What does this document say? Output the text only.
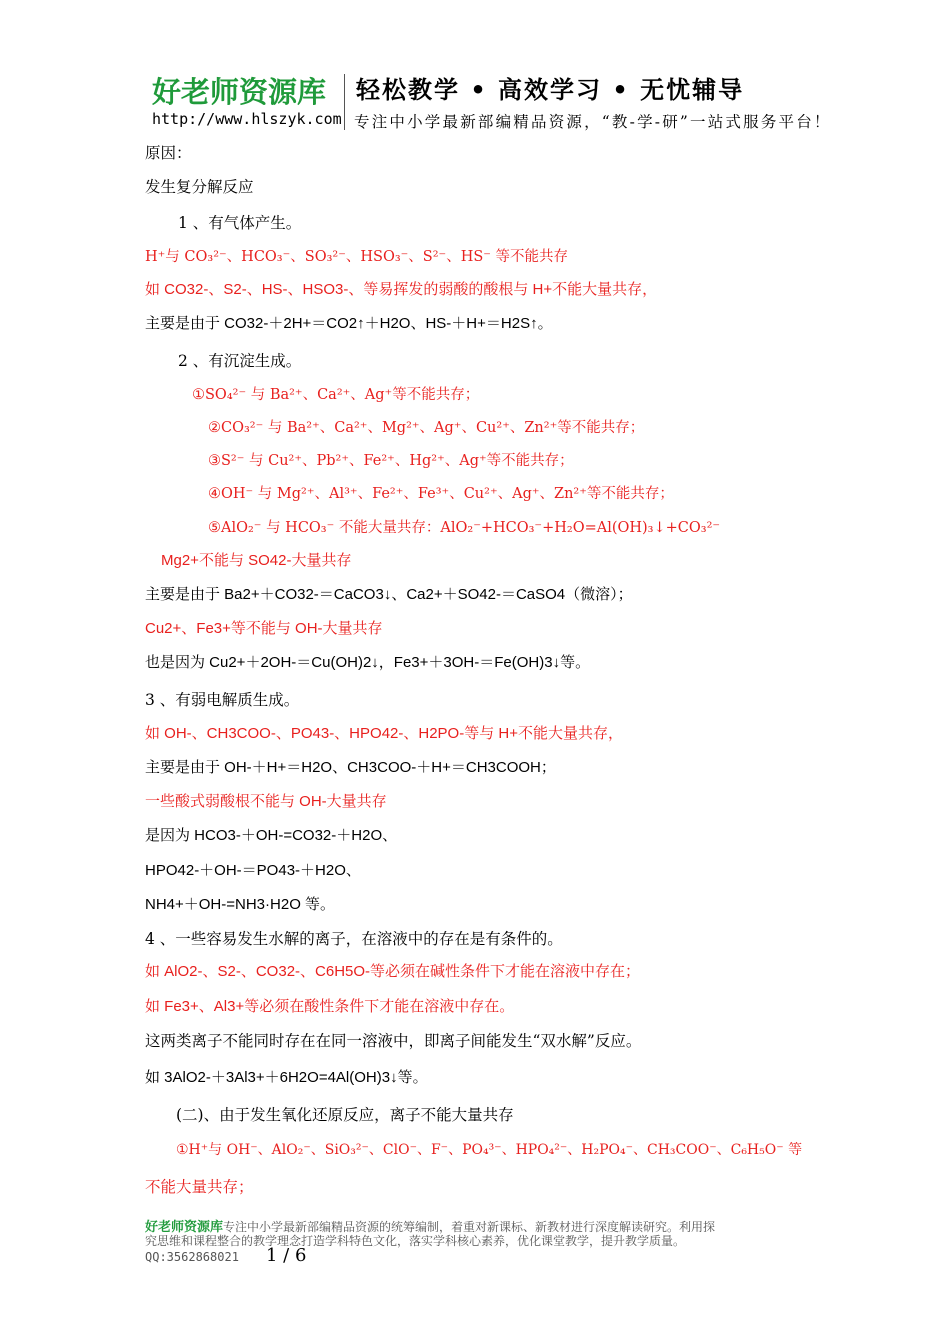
好老师资源库
http://www.hlszyk.com
轻松教学 • 高效学习 • 无忧辅导
专注中小学最新部编精品资源，“教-学-研”一站式服务平台！
原因：
发生复分解反应
1 、有气体产生。
H⁺与 CO₃²⁻、HCO₃⁻、SO₃²⁻、HSO₃⁻、S²⁻、HS⁻ 等不能共存
如 CO32-、S2-、HS-、HSO3-、等易挥发的弱酸的酸根与 H+不能大量共存，
主要是由于 CO32-＋2H+＝CO2↑＋H2O、HS-＋H+＝H2S↑。
2 、有沉淀生成。
①SO₄²⁻ 与 Ba²⁺、Ca²⁺、Ag⁺等不能共存；
②CO₃²⁻ 与 Ba²⁺、Ca²⁺、Mg²⁺、Ag⁺、Cu²⁺、Zn²⁺等不能共存；
③S²⁻ 与 Cu²⁺、Pb²⁺、Fe²⁺、Hg²⁺、Ag⁺等不能共存；
④OH⁻ 与 Mg²⁺、Al³⁺、Fe²⁺、Fe³⁺、Cu²⁺、Ag⁺、Zn²⁺等不能共存；
⑤AlO₂⁻ 与 HCO₃⁻ 不能大量共存：AlO₂⁻+HCO₃⁻+H₂O=Al(OH)₃↓+CO₃²⁻
Mg2+不能与 SO42-大量共存
主要是由于 Ba2+＋CO32-＝CaCO3↓、Ca2+＋SO42-＝CaSO4（微溶）；
Cu2+、Fe3+等不能与 OH-大量共存
也是因为 Cu2+＋2OH-＝Cu(OH)2↓，Fe3+＋3OH-＝Fe(OH)3↓等。
3 、有弱电解质生成。
如 OH-、CH3COO-、PO43-、HPO42-、H2PO-等与 H+不能大量共存，
主要是由于 OH-＋H+＝H2O、CH3COO-＋H+＝CH3COOH；
一些酸式弱酸根不能与 OH-大量共存
是因为 HCO3-＋OH-=CO32-＋H2O、
HPO42-＋OH-＝PO43-＋H2O、
NH4+＋OH-=NH3·H2O 等。
4 、一些容易发生水解的离子，在溶液中的存在是有条件的。
如 AlO2-、S2-、CO32-、C6H5O-等必须在碱性条件下才能在溶液中存在；
如 Fe3+、Al3+等必须在酸性条件下才能在溶液中存在。
这两类离子不能同时存在在同一溶液中，即离子间能发生“双水解”反应。
如 3AlO2-＋3Al3+＋6H2O=4Al(OH)3↓等。
(二)、由于发生氧化还原反应，离子不能大量共存
①H⁺与 OH⁻、AlO₂⁻、SiO₃²⁻、ClO⁻、F⁻、PO₄³⁻、HPO₄²⁻、H₂PO₄⁻、CH₃COO⁻、C₆H₅O⁻ 等
不能大量共存；
好老师资源库专注中小学最新部编精品资源的统筹编制，着重对新课标、新教材进行深度解读研究。利用探
究思维和课程整合的教学理念打造学科特色文化，落实学科核心素养，优化课堂教学，提升教学质量。
QQ:3562868021 1 / 6
